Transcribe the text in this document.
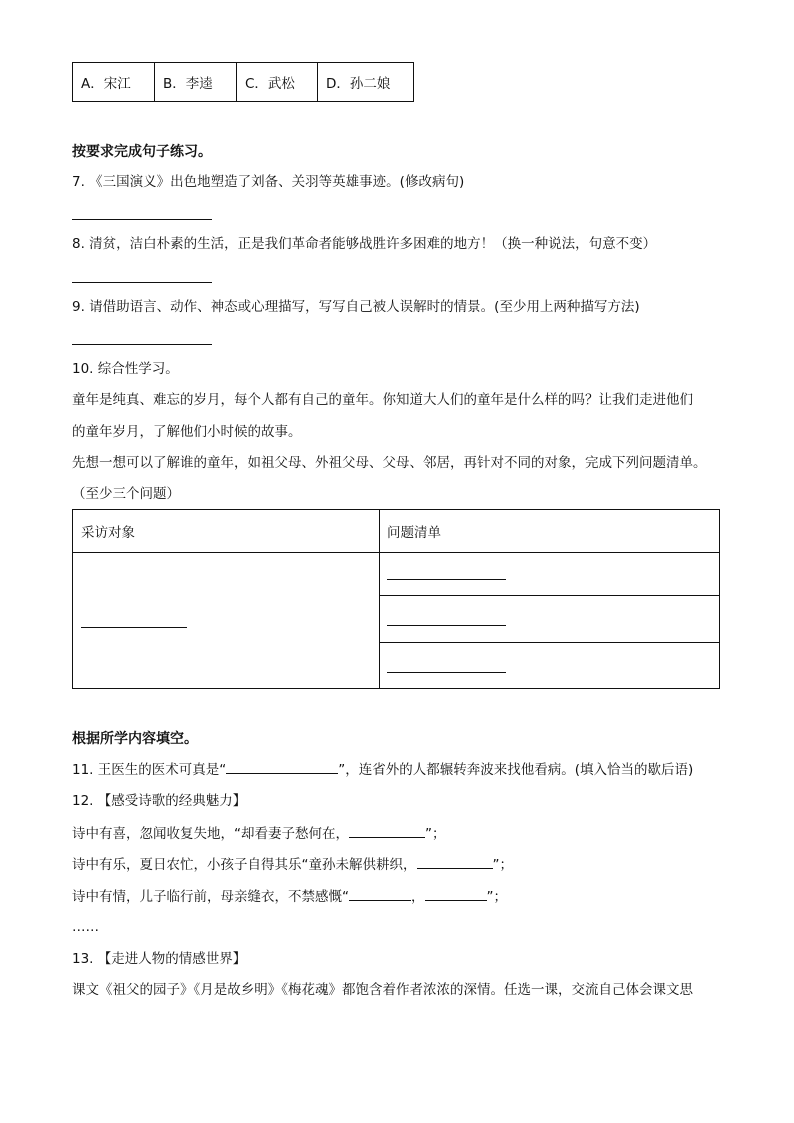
A．宋江	B．李逵	C．武松	D．孙二娘
按要求完成句子练习。
7. 《三国演义》出色地塑造了刘备、关羽等英雄事迹。(修改病句)
8. 清贫，洁白朴素的生活，正是我们革命者能够战胜许多困难的地方！（换一种说法，句意不变）
9. 请借助语言、动作、神态或心理描写，写写自己被人误解时的情景。(至少用上两种描写方法)
10. 综合性学习。
童年是纯真、难忘的岁月，每个人都有自己的童年。你知道大人们的童年是什么样的吗？让我们走进他们
的童年岁月，了解他们小时候的故事。
先想一想可以了解谁的童年，如祖父母、外祖父母、父母、邻居，再针对不同的对象，完成下列问题清单。
（至少三个问题）
采访对象	问题清单
根据所学内容填空。
11. 王医生的医术可真是“	”，连省外的人都辗转奔波来找他看病。(填入恰当的歇后语)
12. 【感受诗歌的经典魅力】
诗中有喜，忽闻收复失地，“却看妻子愁何在，	”；
诗中有乐，夏日农忙，小孩子自得其乐“童孙未解供耕织，	”；
诗中有情，儿子临行前，母亲缝衣，不禁感慨“	，	”；
……
13. 【走进人物的情感世界】
课文《祖父的园子》《月是故乡明》《梅花魂》都饱含着作者浓浓的深情。任选一课，交流自己体会课文思
